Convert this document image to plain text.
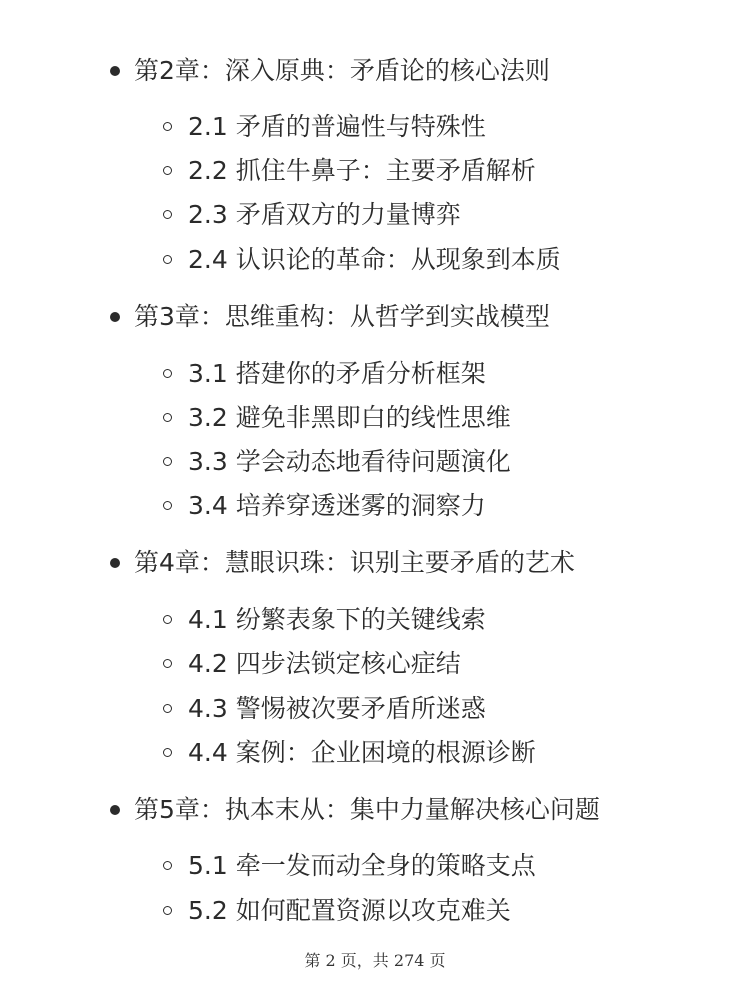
第2章：深入原典：矛盾论的核心法则
2.1 矛盾的普遍性与特殊性
2.2 抓住牛鼻子：主要矛盾解析
2.3 矛盾双方的力量博弈
2.4 认识论的革命：从现象到本质
第3章：思维重构：从哲学到实战模型
3.1 搭建你的矛盾分析框架
3.2 避免非黑即白的线性思维
3.3 学会动态地看待问题演化
3.4 培养穿透迷雾的洞察力
第4章：慧眼识珠：识别主要矛盾的艺术
4.1 纷繁表象下的关键线索
4.2 四步法锁定核心症结
4.3 警惕被次要矛盾所迷惑
4.4 案例：企业困境的根源诊断
第5章：执本末从：集中力量解决核心问题
5.1 牵一发而动全身的策略支点
5.2 如何配置资源以攻克难关
第 2 页，共 274 页
